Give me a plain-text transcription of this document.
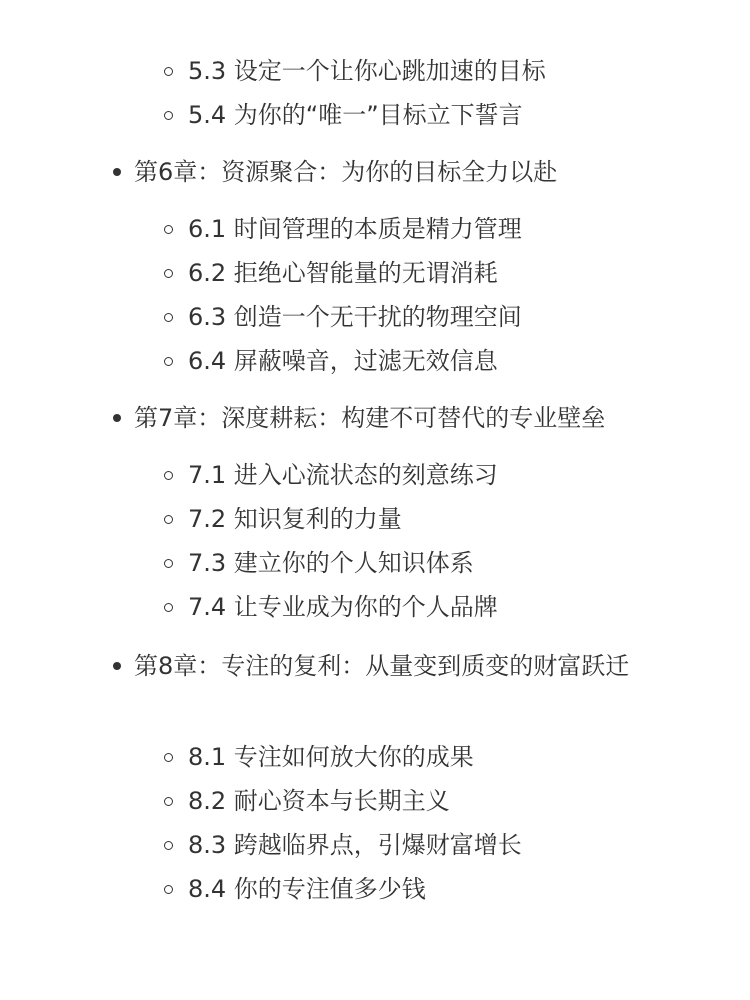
5.3 设定一个让你心跳加速的目标
5.4 为你的“唯一”目标立下誓言
第6章：资源聚合：为你的目标全力以赴
6.1 时间管理的本质是精力管理
6.2 拒绝心智能量的无谓消耗
6.3 创造一个无干扰的物理空间
6.4 屏蔽噪音，过滤无效信息
第7章：深度耕耘：构建不可替代的专业壁垒
7.1 进入心流状态的刻意练习
7.2 知识复利的力量
7.3 建立你的个人知识体系
7.4 让专业成为你的个人品牌
第8章：专注的复利：从量变到质变的财富跃迁
8.1 专注如何放大你的成果
8.2 耐心资本与长期主义
8.3 跨越临界点，引爆财富增长
8.4 你的专注值多少钱
